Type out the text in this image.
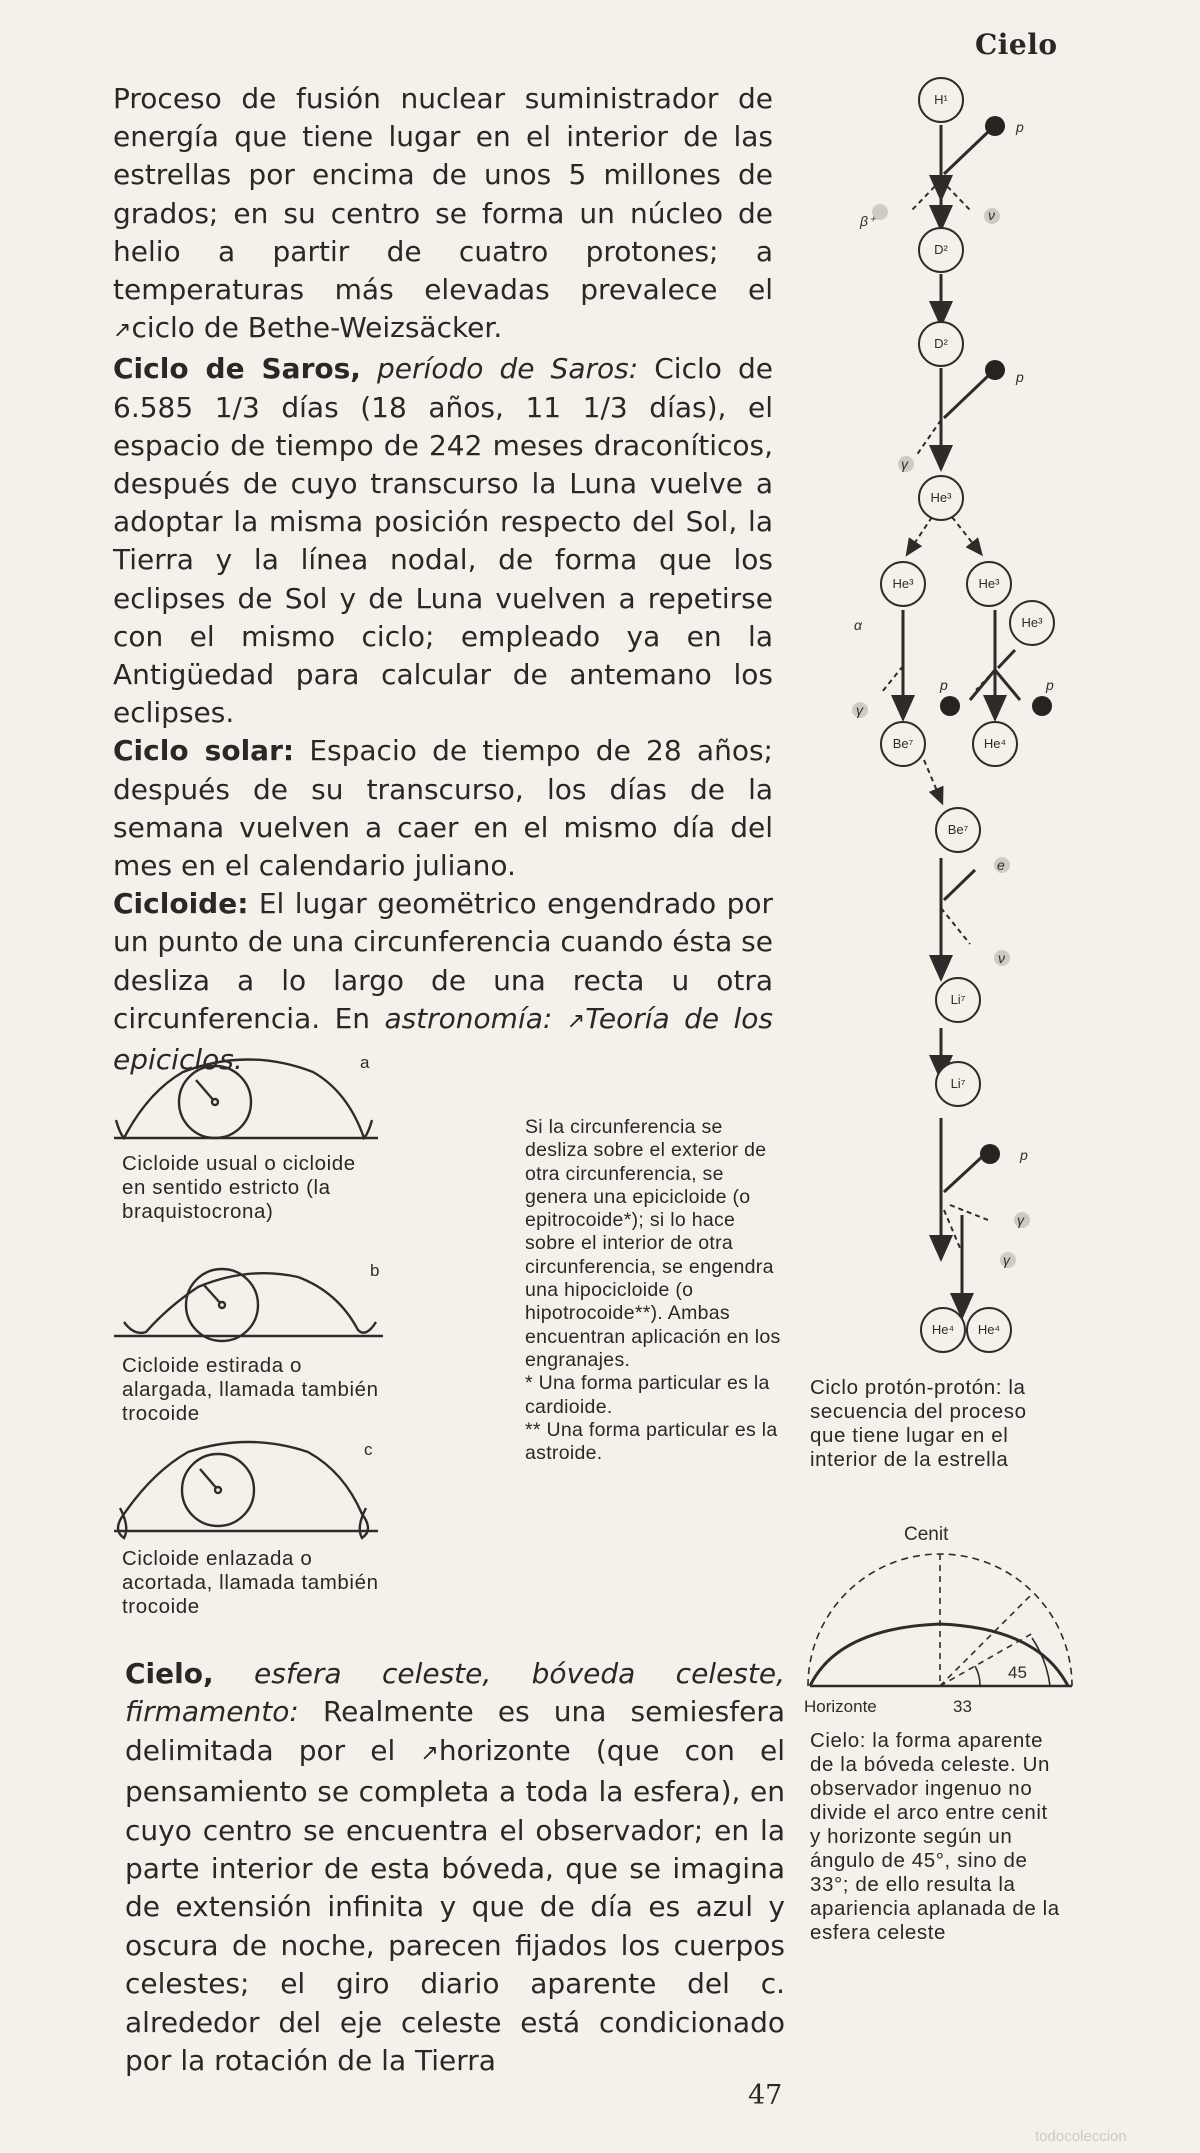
Cielo

Proceso de fusión nuclear suministrador de energía que tiene lugar en el interior de las estrellas por encima de unos 5 millones de grados; en su centro se forma un núcleo de helio a partir de cuatro protones; a temperaturas más elevadas prevalece el ↗ciclo de Bethe-Weizsäcker.

Ciclo de Saros, período de Saros: Ciclo de 6.585 1/3 días (18 años, 11 1/3 días), el espacio de tiempo de 242 meses draconíticos, después de cuyo transcurso la Luna vuelve a adoptar la misma posición respecto del Sol, la Tierra y la línea nodal, de forma que los eclipses de Sol y de Luna vuelven a repetirse con el mismo ciclo; empleado ya en la Antigüedad para calcular de antemano los eclipses.

Ciclo solar: Espacio de tiempo de 28 años; después de su transcurso, los días de la semana vuelven a caer en el mismo día del mes en el calendario juliano.

Cicloide: El lugar geomëtrico engendrado por un punto de una circunferencia cuando ésta se desliza a lo largo de una recta u otra circunferencia. En astronomía: ↗Teoría de los epiciclos.	a
b
c
Cicloide usual o cicloide en sentido estricto (la braquistocrona)
Cicloide estirada o alargada, llamada también trocoide
Cicloide enlazada o acortada, llamada también trocoide

Si la circunferencia se desliza sobre el exterior de otra circunferencia, se genera una epicicloide (o epitrocoide*); si lo hace sobre el interior de otra circunferencia, se engendra una hipocicloide (o hipotrocoide**). Ambas encuentran aplicación en los engranajes.

* Una forma particular es la cardioide.

** Una forma particular es la astroide.

H¹
D²
D²
He³
He³	He³
He³
Be⁷	He⁴
Be⁷
Li⁷
Li⁷
He⁴ He⁴
p
β⁺	ν
p
γ
α
γ
p	p
e
ν
p
γ
γ
Ciclo protón-protón: la secuencia del proceso que tiene lugar en el interior de la estrella
Cenit
45
Horizonte	33
Cielo: la forma aparente de la bóveda celeste. Un observador ingenuo no divide el arco entre cenit y horizonte según un ángulo de 45°, sino de 33°; de ello resulta la apariencia aplanada de la esfera celeste

Cielo, esfera celeste, bóveda celeste, firmamento: Realmente es una semiesfera delimitada por el ↗horizonte (que con el pensamiento se completa a toda la esfera), en cuyo centro se encuentra el observador; en la parte interior de esta bóveda, que se imagina de extensión infinita y que de día es azul y oscura de noche, parecen fijados los cuerpos celestes; el giro diario aparente del c. alrededor del eje celeste está condicionado por la rotación de la Tierra

47
todocoleccion
